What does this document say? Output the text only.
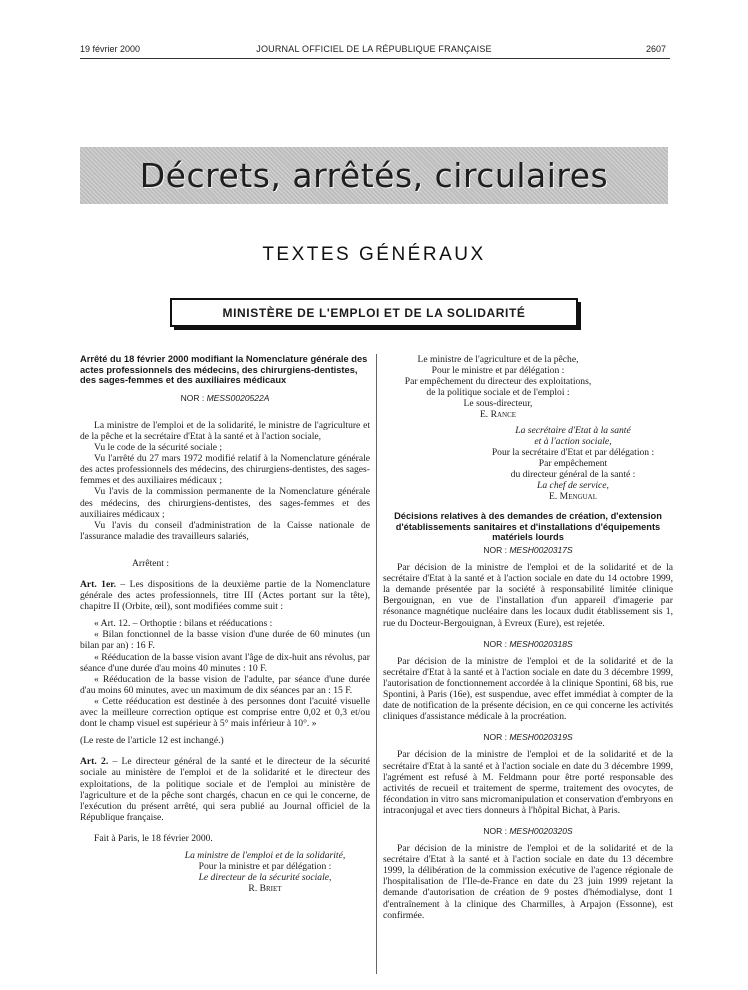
19 février 2000	JOURNAL OFFICIEL DE LA RÉPUBLIQUE FRANÇAISE	2607
Décrets, arrêtés, circulaires
TEXTES GÉNÉRAUX
MINISTÈRE DE L'EMPLOI ET DE LA SOLIDARITÉ
Arrêté du 18 février 2000 modifiant la Nomenclature générale des actes professionnels des médecins, des chirurgiens-dentistes, des sages-femmes et des auxiliaires médicaux
NOR : MESS0020522A

La ministre de l'emploi et de la solidarité, le ministre de l'agriculture et de la pêche et la secrétaire d'Etat à la santé et à l'action sociale,

Vu le code de la sécurité sociale ;

Vu l'arrêté du 27 mars 1972 modifié relatif à la Nomenclature générale des actes professionnels des médecins, des chirurgiens-dentistes, des sages-femmes et des auxiliaires médicaux ;

Vu l'avis de la commission permanente de la Nomenclature générale des médecins, des chirurgiens-dentistes, des sages-femmes et des auxiliaires médicaux ;

Vu l'avis du conseil d'administration de la Caisse nationale de l'assurance maladie des travailleurs salariés,

Arrêtent :

Art. 1er. – Les dispositions de la deuxième partie de la Nomenclature générale des actes professionnels, titre III (Actes portant sur la tête), chapitre II (Orbite, œil), sont modifiées comme suit :

« Art. 12. – Orthoptie : bilans et rééducations :

« Bilan fonctionnel de la basse vision d'une durée de 60 minutes (un bilan par an) : 16 F.

« Rééducation de la basse vision avant l'âge de dix-huit ans révolus, par séance d'une durée d'au moins 40 minutes : 10 F.

« Rééducation de la basse vision de l'adulte, par séance d'une durée d'au moins 60 minutes, avec un maximum de dix séances par an : 15 F.

« Cette rééducation est destinée à des personnes dont l'acuité visuelle avec la meilleure correction optique est comprise entre 0,02 et 0,3 et/ou dont le champ visuel est supérieur à 5° mais inférieur à 10°. »

(Le reste de l'article 12 est inchangé.)

Art. 2. – Le directeur général de la santé et le directeur de la sécurité sociale au ministère de l'emploi et de la solidarité et le directeur des exploitations, de la politique sociale et de l'emploi au ministère de l'agriculture et de la pêche sont chargés, chacun en ce qui le concerne, de l'exécution du présent arrêté, qui sera publié au Journal officiel de la République française.

Fait à Paris, le 18 février 2000.

La ministre de l'emploi et de la solidarité,
Pour la ministre et par délégation :
Le directeur de la sécurité sociale,
R. Briet
Le ministre de l'agriculture et de la pêche,
Pour le ministre et par délégation :
Par empêchement du directeur des exploitations,
de la politique sociale et de l'emploi :
Le sous-directeur,
E. Rance
La secrétaire d'Etat à la santé
et à l'action sociale,
Pour la secrétaire d'Etat et par délégation :
Par empêchement
du directeur général de la santé :
La chef de service,
E. Mengual
Décisions relatives à des demandes de création, d'extension d'établissements sanitaires et d'installations d'équipements matériels lourds
NOR : MESH0020317S

Par décision de la ministre de l'emploi et de la solidarité et de la secrétaire d'Etat à la santé et à l'action sociale en date du 14 octobre 1999, la demande présentée par la société à responsabilité limitée clinique Bergouignan, en vue de l'installation d'un appareil d'imagerie par résonance magnétique nucléaire dans les locaux dudit établissement sis 1, rue du Docteur-Bergouignan, à Evreux (Eure), est rejetée.

NOR : MESH0020318S

Par décision de la ministre de l'emploi et de la solidarité et de la secrétaire d'Etat à la santé et à l'action sociale en date du 3 décembre 1999, l'autorisation de fonctionnement accordée à la clinique Spontini, 68 bis, rue Spontini, à Paris (16e), est suspendue, avec effet immédiat à compter de la date de notification de la présente décision, en ce qui concerne les activités cliniques d'assistance médicale à la procréation.

NOR : MESH0020319S

Par décision de la ministre de l'emploi et de la solidarité et de la secrétaire d'Etat à la santé et à l'action sociale en date du 3 décembre 1999, l'agrément est refusé à M. Feldmann pour être porté responsable des activités de recueil et traitement de sperme, traitement des ovocytes, de fécondation in vitro sans micromanipulation et conservation d'embryons en intraconjugal et avec tiers donneurs à l'hôpital Bichat, à Paris.

NOR : MESH0020320S

Par décision de la ministre de l'emploi et de la solidarité et de la secrétaire d'Etat à la santé et à l'action sociale en date du 13 décembre 1999, la délibération de la commission exécutive de l'agence régionale de l'hospitalisation de l'Ile-de-France en date du 23 juin 1999 rejetant la demande d'autorisation de création de 9 postes d'hémodialyse, dont 1 d'entraînement à la clinique des Charmilles, à Arpajon (Essonne), est confirmée.
